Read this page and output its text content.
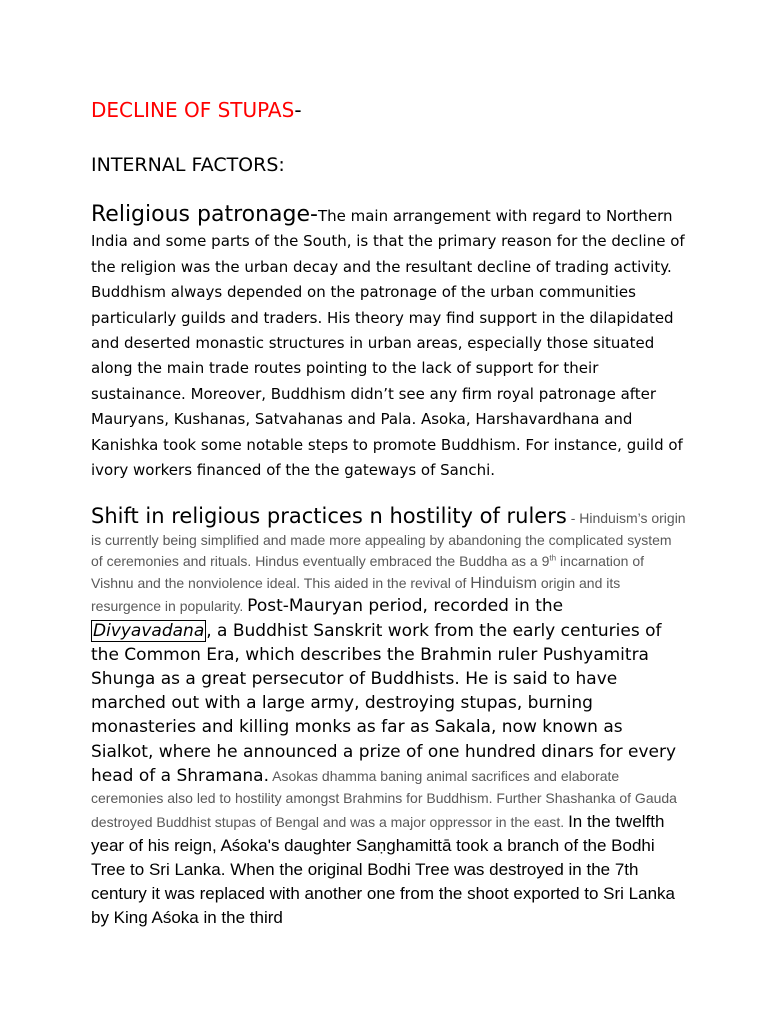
DECLINE OF STUPAS-

INTERNAL FACTORS:

Religious patronage-The main arrangement with regard to Northern India and some parts of the South, is that the primary reason for the decline of the religion was the urban decay and the resultant decline of trading activity. Buddhism always depended on the patronage of the urban communities particularly guilds and traders. His theory may find support in the dilapidated and deserted monastic structures in urban areas, especially those situated along the main trade routes pointing to the lack of support for their sustainance. Moreover, Buddhism didn’t see any firm royal patronage after Mauryans, Kushanas, Satvahanas and Pala. Asoka, Harshavardhana and Kanishka took some notable steps to promote Buddhism. For instance, guild of ivory workers financed of the the gateways of Sanchi.

Shift in religious practices n hostility of rulers - Hinduism’s origin is currently being simplified and made more appealing by abandoning the complicated system of ceremonies and rituals. Hindus eventually embraced the Buddha as a 9th incarnation of Vishnu and the nonviolence ideal. This aided in the revival of Hinduism origin and its resurgence in popularity. Post-Mauryan period, recorded in the Divyavadana , a Buddhist Sanskrit work from the early centuries of the Common Era, which describes the Brahmin ruler Pushyamitra Shunga as a great persecutor of Buddhists. He is said to have marched out with a large army, destroying stupas, burning monasteries and killing monks as far as Sakala, now known as Sialkot, where he announced a prize of one hundred dinars for every head of a Shramana. Asokas dhamma baning animal sacrifices and elaborate ceremonies also led to hostility amongst Brahmins for Buddhism. Further Shashanka of Gauda destroyed Buddhist stupas of Bengal and was a major oppressor in the east. In the twelfth year of his reign, Aśoka's daughter Saṇghamittā took a branch of the Bodhi Tree to Sri Lanka. When the original Bodhi Tree was destroyed in the 7th century it was replaced with another one from the shoot exported to Sri Lanka by King Aśoka in the third
